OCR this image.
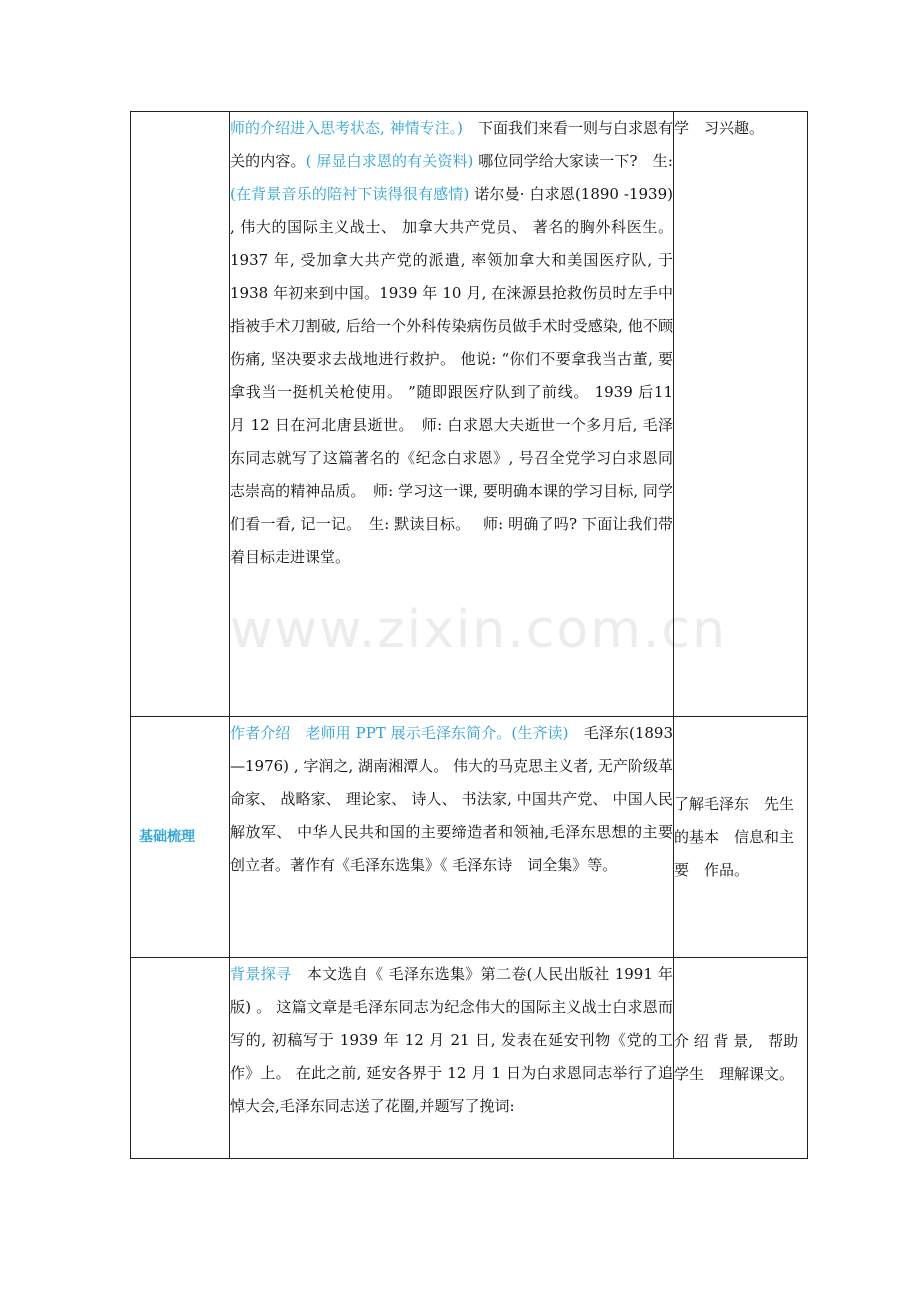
www.zixin.com.cn
	师的介绍进入思考状态, 神情专注。)　下面我们来看一则与白求恩有关的内容。( 屏显白求恩的有关资料) 哪位同学给大家读一下?　生:(在背景音乐的陪衬下读得很有感情) 诺尔曼· 白求恩(1890 -1939) , 伟大的国际主义战士、 加拿大共产党员、 著名的胸外科医生。 1937 年, 受加拿大共产党的派遣, 率领加拿大和美国医疗队, 于 1938 年初来到中国。1939 年 10 月, 在涞源县抢救伤员时左手中指被手术刀割破, 后给一个外科传染病伤员做手术时受感染, 他不顾伤痛, 坚决要求去战地进行救护。 他说: “你们不要拿我当古董, 要拿我当一挺机关枪使用。 ”随即跟医疗队到了前线。 1939 后11 月 12 日在河北唐县逝世。　师: 白求恩大夫逝世一个多月后, 毛泽东同志就写了这篇著名的《纪念白求恩》, 号召全党学习白求恩同志崇高的精神品质。　师: 学习这一课, 要明确本课的学习目标, 同学们看一看, 记一记。　生: 默读目标。　 师: 明确了吗? 下面让我们带着目标走进课堂。	学　习兴趣。
基础梳理	作者介绍　老师用 PPT 展示毛泽东简介。(生齐读)　毛泽东(1893—1976) , 字润之, 湖南湘潭人。 伟大的马克思主义者, 无产阶级革命家、 战略家、 理论家、 诗人、 书法家, 中国共产党、 中国人民解放军、 中华人民共和国的主要缔造者和领袖,毛泽东思想的主要创立者。著作有《毛泽东选集》《 毛泽东诗　词全集》等。	了解毛泽东　先生的基本　信息和主要　作品。
	背景探寻　本文选自《 毛泽东选集》第二卷(人民出版社 1991 年版) 。 这篇文章是毛泽东同志为纪念伟大的国际主义战士白求恩而写的, 初稿写于 1939 年 12 月 21 日, 发表在延安刊物《党的工作》上。 在此之前, 延安各界于 12 月 1 日为白求恩同志举行了追悼大会,毛泽东同志送了花圈,并题写了挽词:	介 绍 背 景,　帮助学生　理解课文。
